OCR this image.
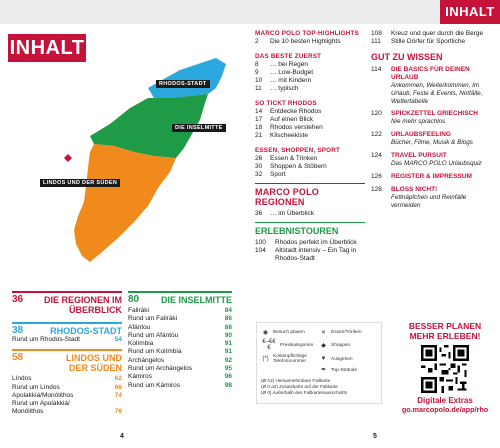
INHALT
INHALT
RHODOS-STADT
DIE INSELMITTE
LINDOS UND DER SÜDEN
36 DIE REGIONEN IM ÜBERBLICK
38	RHODOS-STADT
Rund um Rhodos-Stadt	54
58	LINDOS UND DER SÜDEN
Líndos	62
Rund um Líndos	66
Apolakkiá/Monólithos	74
Rund um Apolakkiá/
Monólithos	76
80 DIE INSELMITTE
Faliráki	84
Rund um Faliráki	86
Afántou	88
Rund um Afántou	90
Kolímbia	91
Rund um Kolímbia	91
Archángelos	92
Rund um Archángelos	95
Kámiros	96
Rund um Kámiros	98
4
MARCO POLO TOP-HIGHLIGHTS
2	Die 10 besten Highlights
DAS BESTE ZUERST
8	… bei Regen
9	… Low-Budget
10	… mit Kindern
11	… typisch
SO TICKT RHODOS
14	Entdecke Rhodos
17	Auf einen Blick
18	Rhodos verstehen
21	Klischeekiste
ESSEN, SHOPPEN, SPORT
26	Essen & Trinken
30	Shoppen & Stöbern
32	Sport
MARCO POLO REGIONEN
36	… im Überblick
ERLEBNISTOUREN
100	Rhodos perfekt im Überblick
104	Altstadt intensiv – Ein Tag in Rhodos-Stadt
108	Kreuz und quer durch die Berge
111	Stille Dörfer für Sportliche
GUT ZU WISSEN
114	DIE BASICS FÜR DEINEN URLAUB
Ankommen, Weiterkommen, Im Urlaub, Feste & Events, Notfälle, Wettertabelle
120	SPICKZETTEL GRIECHISCH
Nie mehr sprachlos
122	URLAUBSFEELING
Bücher, Filme, Musik & Blogs
124	TRAVEL PURSUIT
Das MARCO POLO Urlaubsquiz
126	REGISTER & IMPRESSUM
128	BLOSS NICHT!
Fettnäpfchen und Reinfälle vermeiden
◉	Besuch planen	✕	Essen/Trinken
€–€€€	Preiskategorien	◆	Shoppen
(*) Kostenpflichtige Telefonnummer	▼ Ausgehen
☂	Top-Strände
(Ø A2) Herausnehmbare Faltkarte
(Ø 0 a2) Zusatzkarte auf der Faltkarte
(Ø 0) Außerhalb des Faltkartenausschnitts
BESSER PLANEN
MEHR ERLEBEN!
Digitale Extras
go.marcopolo.de/app/rho
5
